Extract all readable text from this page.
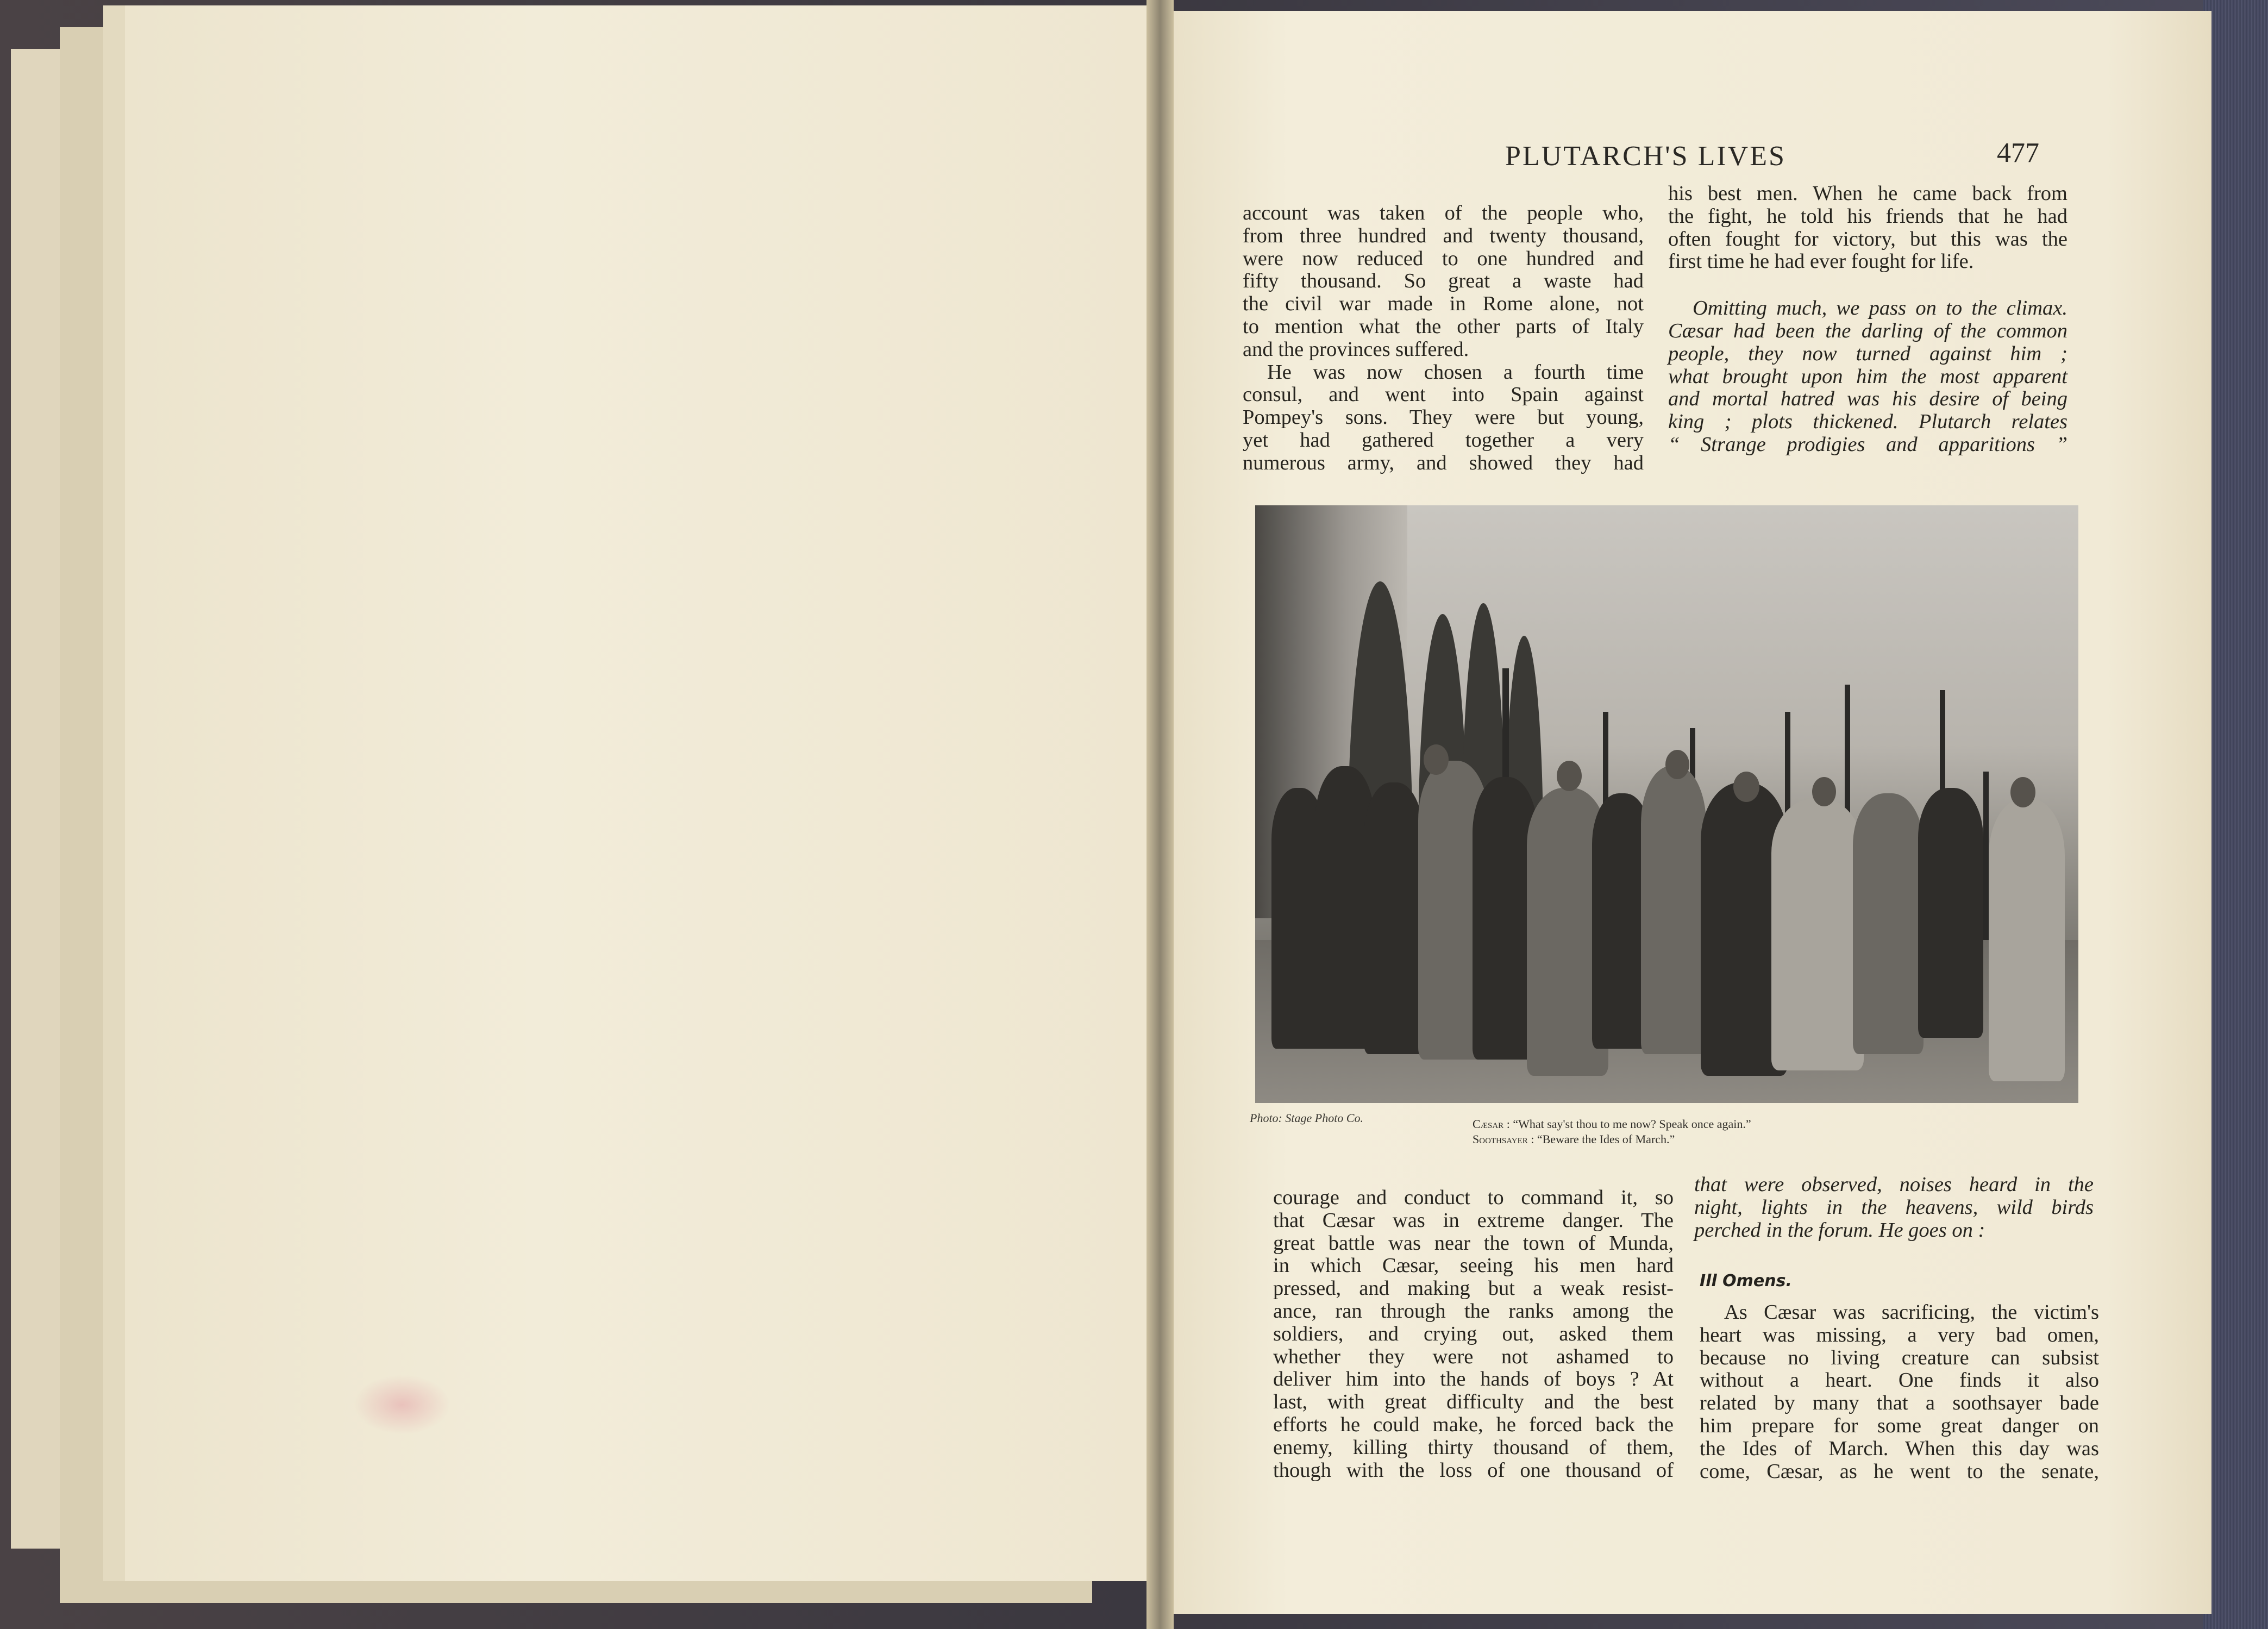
PLUTARCH'S LIVES	477
account was taken of the people who,
from three hundred and twenty thousand,
were now reduced to one hundred and
fifty thousand. So great a waste had
the civil war made in Rome alone, not
to mention what the other parts of Italy
and the provinces suffered.
He was now chosen a fourth time
consul, and went into Spain against
Pompey's sons. They were but young,
yet had gathered together a very
numerous army, and showed they had
his best men. When he came back from
the fight, he told his friends that he had
often fought for victory, but this was the
first time he had ever fought for life.
Omitting much, we pass on to the climax.
Cæsar had been the darling of the common
people, they now turned against him ;
what brought upon him the most apparent
and mortal hatred was his desire of being
king ; plots thickened. Plutarch relates
“ Strange prodigies and apparitions ”
Photo: Stage Photo Co.	Cæsar : “What say'st thou to me now? Speak once again.”
Soothsayer : “Beware the Ides of March.”
courage and conduct to command it, so
that Cæsar was in extreme danger. The
great battle was near the town of Munda,
in which Cæsar, seeing his men hard
pressed, and making but a weak resist-
ance, ran through the ranks among the
soldiers, and crying out, asked them
whether they were not ashamed to
deliver him into the hands of boys ? At
last, with great difficulty and the best
efforts he could make, he forced back the
enemy, killing thirty thousand of them,
though with the loss of one thousand of
that were observed, noises heard in the
night, lights in the heavens, wild birds
perched in the forum. He goes on :
Ill Omens.
As Cæsar was sacrificing, the victim's
heart was missing, a very bad omen,
because no living creature can subsist
without a heart. One finds it also
related by many that a soothsayer bade
him prepare for some great danger on
the Ides of March. When this day was
come, Cæsar, as he went to the senate,
